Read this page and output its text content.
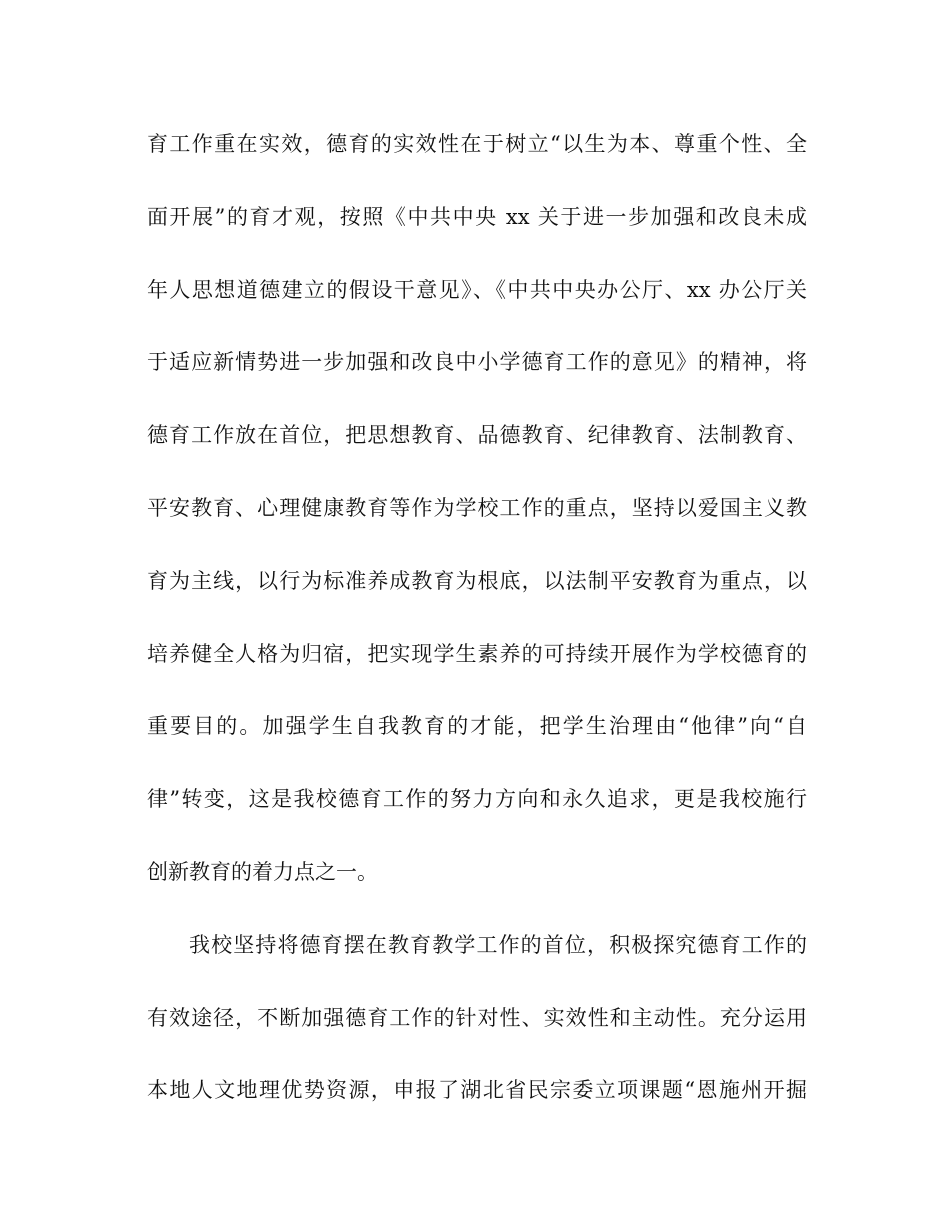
育工作重在实效，德育的实效性在于树立“以生为本、尊重个性、全
面开展”的育才观，按照《中共中央 xx 关于进一步加强和改良未成
年人思想道德建立的假设干意见》、《中共中央办公厅、xx 办公厅关
于适应新情势进一步加强和改良中小学德育工作的意见》的精神，将
德育工作放在首位，把思想教育、品德教育、纪律教育、法制教育、
平安教育、心理健康教育等作为学校工作的重点，坚持以爱国主义教
育为主线，以行为标准养成教育为根底，以法制平安教育为重点，以
培养健全人格为归宿，把实现学生素养的可持续开展作为学校德育的
重要目的。加强学生自我教育的才能，把学生治理由“他律”向“自
律”转变，这是我校德育工作的努力方向和永久追求，更是我校施行
创新教育的着力点之一。
我校坚持将德育摆在教育教学工作的首位，积极探究德育工作的
有效途径，不断加强德育工作的针对性、实效性和主动性。充分运用
本地人文地理优势资源，申报了湖北省民宗委立项课题“恩施州开掘
